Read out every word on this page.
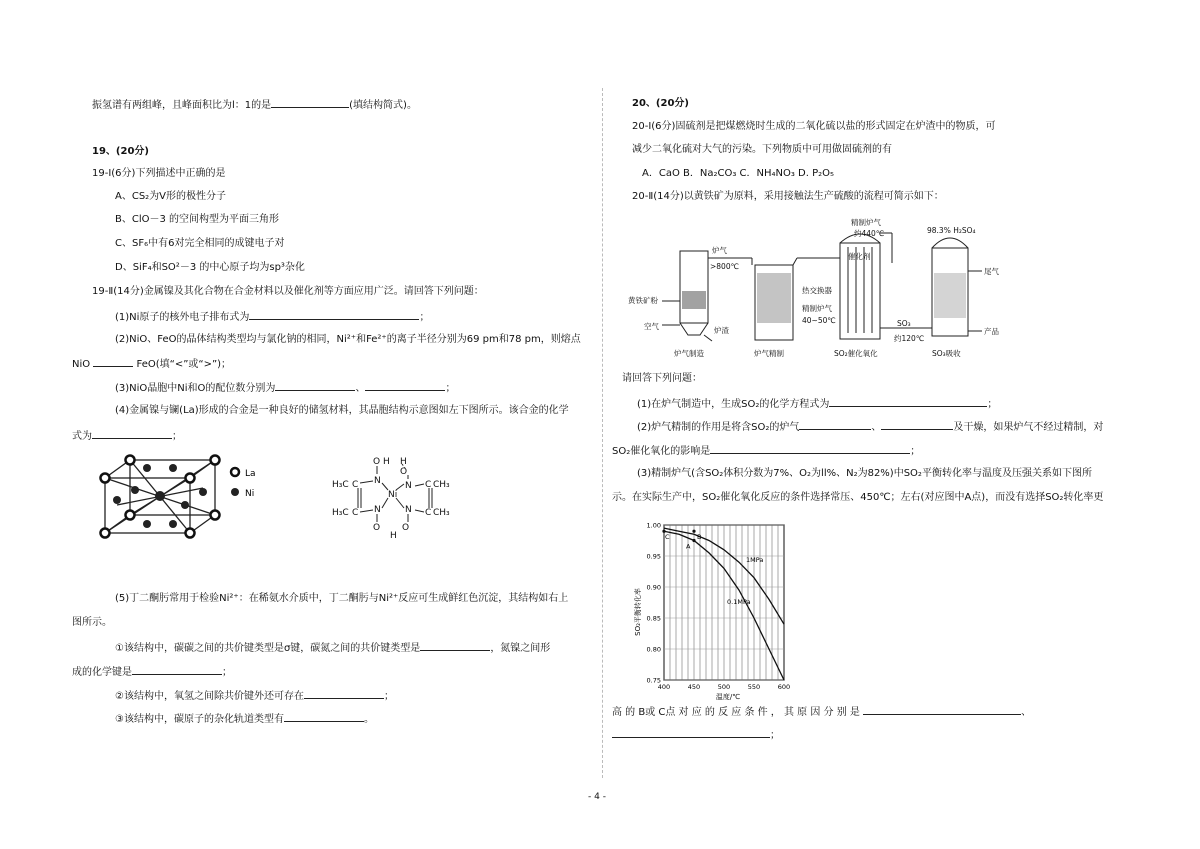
振氢谱有两组峰，且峰面积比为l：1的是	(填结构简式)。
19、(20分)
19-I(6分)下列描述中正确的是
A、CS₂为V形的极性分子
B、ClO－3 的空间构型为平面三角形
C、SF₆中有6对完全相同的成键电子对
D、SiF₄和SO²－3 的中心原子均为sp³杂化
19-Ⅱ(14分)金属镍及其化合物在合金材料以及催化剂等方面应用广泛。请回答下列问题：
(1)Ni原子的核外电子排布式为	；
(2)NiO、FeO的晶体结构类型均与氯化钠的相同，Ni²⁺和Fe²⁺的离子半径分别为69 pm和78 pm，则熔点
NiO	FeO(填“<”或“>”)；
(3)NiO晶胞中Ni和O的配位数分别为	、	；
(4)金属镍与镧(La)形成的合金是一种良好的储氢材料，其晶胞结构示意图如左下图所示。该合金的化学
式为	；
La
Ni
O H H
O
H₃C C N	N C CH₃
Ni
H₃C C N	N C CH₃
O
H
O
(5)丁二酮肟常用于检验Ni²⁺：在稀氨水介质中，丁二酮肟与Ni²⁺反应可生成鲜红色沉淀，其结构如右上
图所示。
①该结构中，碳碳之间的共价键类型是σ键，碳氮之间的共价键类型是	，氮镍之间形
成的化学键是	；
②该结构中，氧氢之间除共价键外还可存在	；
③该结构中，碳原子的杂化轨道类型有	。
20、(20分)
20-Ⅰ(6分)固硫剂是把煤燃烧时生成的二氧化硫以盐的形式固定在炉渣中的物质，可
减少二氧化硫对大气的污染。下列物质中可用做固硫剂的有
A．CaO B．Na₂CO₃ C．NH₄NO₃ D. P₂O₅
20-Ⅱ(14分)以黄铁矿为原料，采用接触法生产硫酸的流程可简示如下：
炉气
>800℃
黄铁矿粉
空气	炉渣
精制炉气
约440℃
催化剂
热交换器
精制炉气
40~50℃	SO₃
约120℃
98.3% H₂SO₄
尾气
产品
炉气制造	炉气精制	SO₂催化氧化	SO₃吸收
请回答下列问题：
(1)在炉气制造中，生成SO₂的化学方程式为	；
(2)炉气精制的作用是将含SO₂的炉气	、	及干燥，如果炉气不经过精制，对
SO₂催化氧化的影响是	；
(3)精制炉气(含SO₂体积分数为7%、O₂为ll%、N₂为82%)中SO₂平衡转化率与温度及压强关系如下图所
示。在实际生产中，SO₂催化氧化反应的条件选择常压、450℃；左右(对应图中A点)，而没有选择SO₂转化率更
1.00
0.95
0.90
0.85
0.80
0.75
400	450	500	550	600
1MPa
0.1MPa
C	B
A
温度/℃
SO₂平衡转化率
高 的 B或 C点 对 应 的 反 应 条 件 ， 其 原 因 分 别 是	、
；
- 4 -
